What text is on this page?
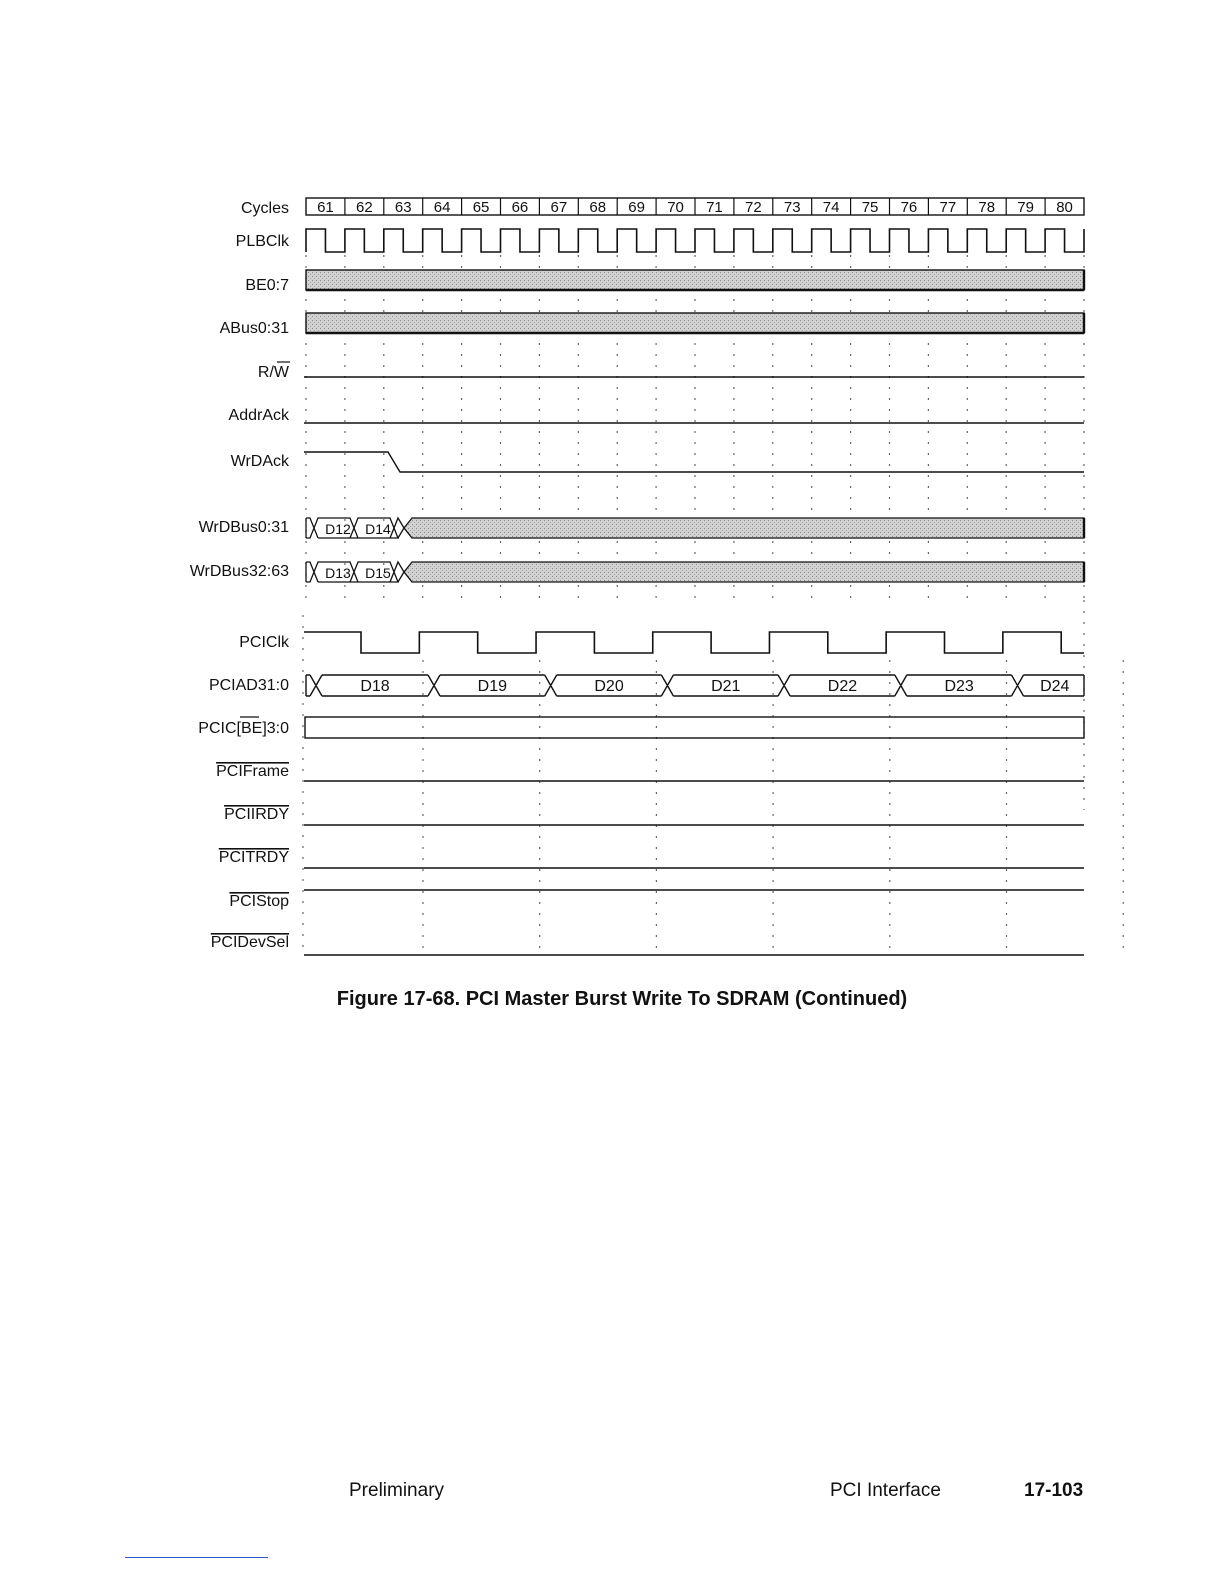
Cycles
PLBClk
BE0:7
ABus0:31
R/W
AddrAck
WrDAck
WrDBus0:31
WrDBus32:63
PCIClk
PCIAD31:0
PCIC[BE]3:0
PCIFrame
PCIIRDY
PCITRDY
PCIStop
PCIDevSel
61 62 63 64 65 66 67 68 69 70 71 72 73 74 75 76 77 78 79 80
D12 D14
D13 D15
D18	D19	D20	D21	D22	D23	D24
Figure 17-68. PCI Master Burst Write To SDRAM (Continued)
Preliminary	PCI Interface	17-103
